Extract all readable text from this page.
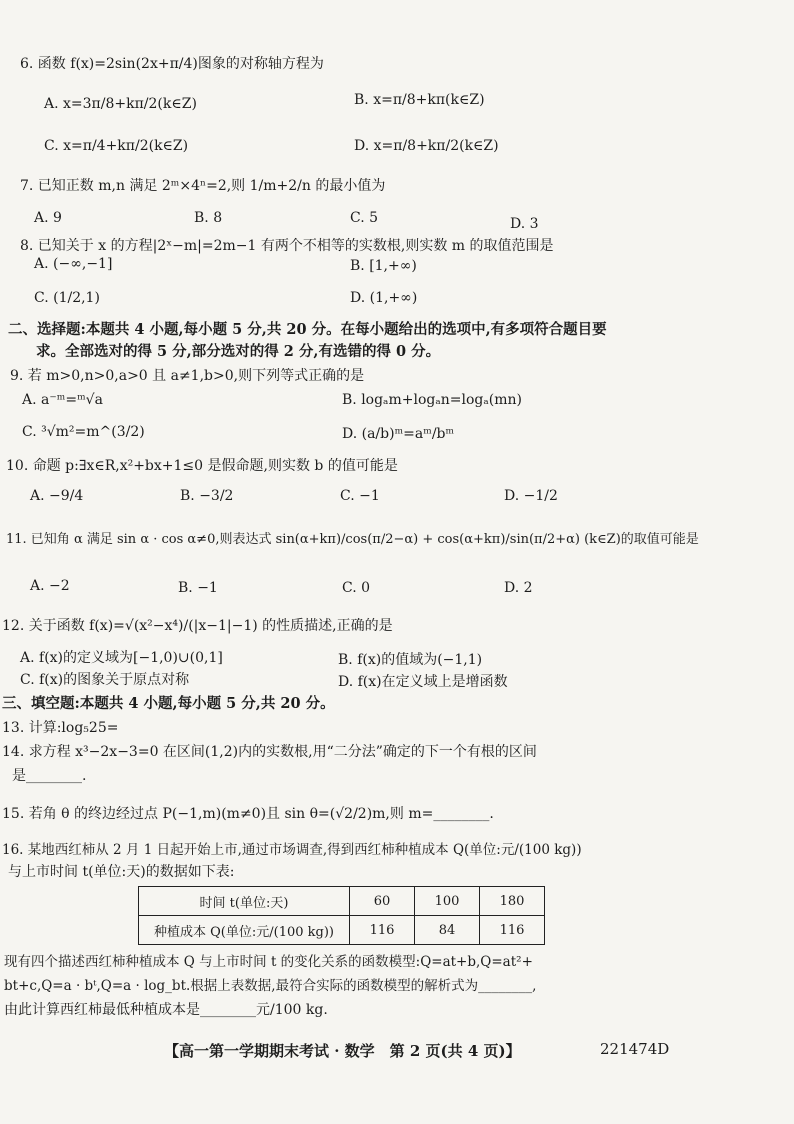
6. 函数 f(x)=2sin(2x+π/4)图象的对称轴方程为
A. x=3π/8+kπ/2(k∈Z)	B. x=π/8+kπ(k∈Z)
C. x=π/4+kπ/2(k∈Z)	D. x=π/8+kπ/2(k∈Z)
7. 已知正数 m,n 满足 2ᵐ×4ⁿ=2,则 1/m+2/n 的最小值为
A. 9	B. 8	C. 5	D. 3
8. 已知关于 x 的方程|2ˣ−m|=2m−1 有两个不相等的实数根,则实数 m 的取值范围是
A. (−∞,−1]	B. [1,+∞)
C. (1/2,1)	D. (1,+∞)
二、选择题:本题共 4 小题,每小题 5 分,共 20 分。在每小题给出的选项中,有多项符合题目要
求。全部选对的得 5 分,部分选对的得 2 分,有选错的得 0 分。
9. 若 m>0,n>0,a>0 且 a≠1,b>0,则下列等式正确的是
A. a⁻ᵐ=ᵐ√a	B. logₐm+logₐn=logₐ(mn)
C. ³√m²=m^(3/2)	D. (a/b)ᵐ=aᵐ/bᵐ
10. 命题 p:∃x∈R,x²+bx+1≤0 是假命题,则实数 b 的值可能是
A. −9/4	B. −3/2	C. −1	D. −1/2
11. 已知角 α 满足 sin α · cos α≠0,则表达式 sin(α+kπ)/cos(π/2−α) + cos(α+kπ)/sin(π/2+α) (k∈Z)的取值可能是
A. −2	B. −1	C. 0	D. 2
12. 关于函数 f(x)=√(x²−x⁴)/(|x−1|−1) 的性质描述,正确的是
A. f(x)的定义域为[−1,0)∪(0,1]	B. f(x)的值域为(−1,1)
C. f(x)的图象关于原点对称	D. f(x)在定义域上是增函数
三、填空题:本题共 4 小题,每小题 5 分,共 20 分。
13. 计算:log₅25=
14. 求方程 x³−2x−3=0 在区间(1,2)内的实数根,用“二分法”确定的下一个有根的区间
是________.
15. 若角 θ 的终边经过点 P(−1,m)(m≠0)且 sin θ=(√2/2)m,则 m=________.
16. 某地西红柿从 2 月 1 日起开始上市,通过市场调查,得到西红柿种植成本 Q(单位:元/(100 kg))
与上市时间 t(单位:天)的数据如下表:
时间 t(单位:天)	60	100	180
种植成本 Q(单位:元/(100 kg))	116	84	116
现有四个描述西红柿种植成本 Q 与上市时间 t 的变化关系的函数模型:Q=at+b,Q=at²+
bt+c,Q=a · bᵗ,Q=a · log_bt.根据上表数据,最符合实际的函数模型的解析式为________,
由此计算西红柿最低种植成本是________元/100 kg.
【高一第一学期期末考试 · 数学　第 2 页(共 4 页)】	221474D
